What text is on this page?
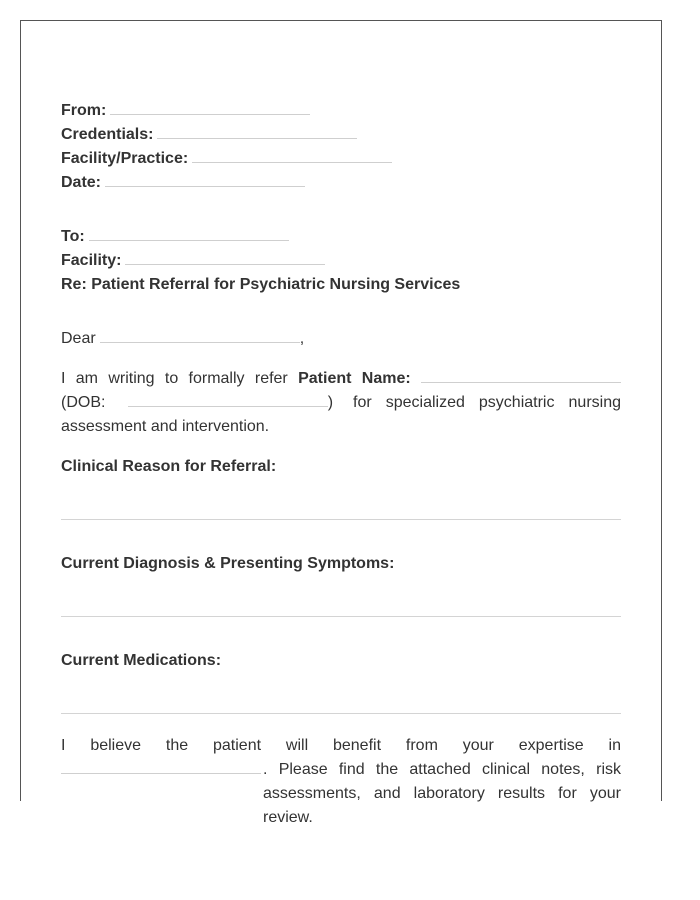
From:
Credentials:
Facility/Practice:
Date:
To:
Facility:
Re: Patient Referral for Psychiatric Nursing Services
Dear	,
I am writing to formally refer Patient Name:
(DOB:	) for specialized psychiatric nursing
assessment and intervention.
Clinical Reason for Referral:
Current Diagnosis & Presenting Symptoms:
Current Medications:
I believe the patient will benefit from your expertise in
. Please find the attached clinical notes, risk assessments, and laboratory results for your review.
